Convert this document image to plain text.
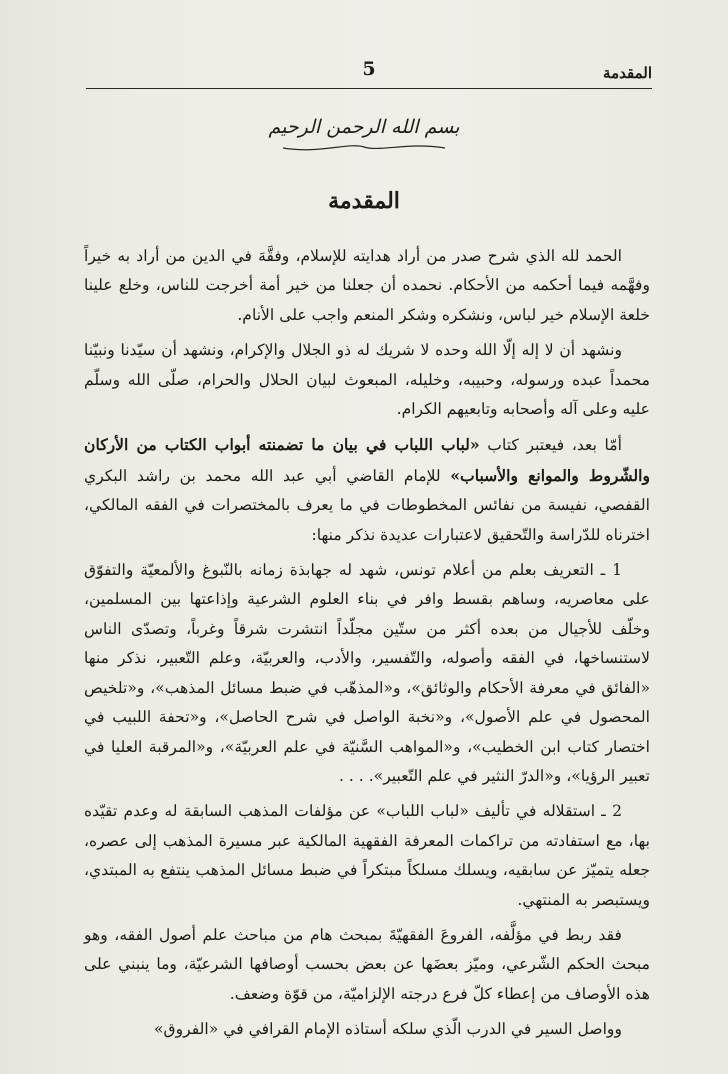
5	المقدمة
بسم الله الرحمن الرحيم
المقدمة

الحمد لله الذي شرح صدر من أراد هدايته للإسلام، وفقَّهَ في الدين من أراد به خيراً وفهَّمه فيما أحكمه من الأحكام. نحمده أن جعلنا من خير أمة أخرجت للناس، وخلع علينا خلعة الإسلام خير لباس، ونشكره وشكر المنعم واجب على الأنام.

ونشهد أن لا إله إلّا الله وحده لا شريك له ذو الجلال والإكرام، ونشهد أن سيّدنا ونبيّنا محمداً عبده ورسوله، وحبيبه، وخليله، المبعوث لبيان الحلال والحرام، صلّى الله وسلّم عليه وعلى آله وأصحابه وتابعيهم الكرام.

أمّا بعد، فيعتبر كتاب «لباب اللباب في بيان ما تضمنته أبواب الكتاب من الأركان والشّروط والموانع والأسباب» للإمام القاضي أبي عبد الله محمد بن راشد البكري القفصي، نفيسة من نفائس المخطوطات في ما يعرف بالمختصرات في الفقه المالكي، اخترناه للدّراسة والتّحقيق لاعتبارات عديدة نذكر منها:

1 ـ التعريف بعلم من أعلام تونس، شهد له جهابذة زمانه بالنّبوغ والألمعيّة والتفوّق على معاصريه، وساهم بقسط وافر في بناء العلوم الشرعية وإذاعتها بين المسلمين، وخلّف للأجيال من بعده أكثر من ستّين مجلّداً انتشرت شرقاً وغرباً، وتصدّى الناس لاستنساخها، في الفقه وأصوله، والتّفسير، والأدب، والعربيّة، وعلم التّعبير، نذكر منها «الفائق في معرفة الأحكام والوثائق»، و«المذهّب في ضبط مسائل المذهب»، و«تلخيص المحصول في علم الأصول»، و«نخبة الواصل في شرح الحاصل»، و«تحفة اللبيب في اختصار كتاب ابن الخطيب»، و«المواهب السَّنيّة في علم العربيّة»، و«المرقبة العليا في تعبير الرؤيا»، و«الدرّ النثير في علم التّعبير». . . .

2 ـ استقلاله في تأليف «لباب اللباب» عن مؤلفات المذهب السابقة له وعدم تقيّده بها، مع استفادته من تراكمات المعرفة الفقهية المالكية عبر مسيرة المذهب إلى عصره، جعله يتميّز عن سابقيه، ويسلك مسلكاً مبتكراً في ضبط مسائل المذهب ينتفع به المبتدي، ويستبصر به المنتهي.

فقد ربط في مؤلَّفه، الفروعَ الفقهيّةَ بمبحث هام من مباحث علم أصول الفقه، وهو مبحث الحكم الشّرعي، وميّز بعضَها عن بعض بحسب أوصافها الشرعيّة، وما ينبني على هذه الأوصاف من إعطاء كلّ فرع درجته الإلزاميّة، من قوّة وضعف.

وواصل السير في الدرب الّذي سلكه أستاذه الإمام القرافي في «الفروق»
